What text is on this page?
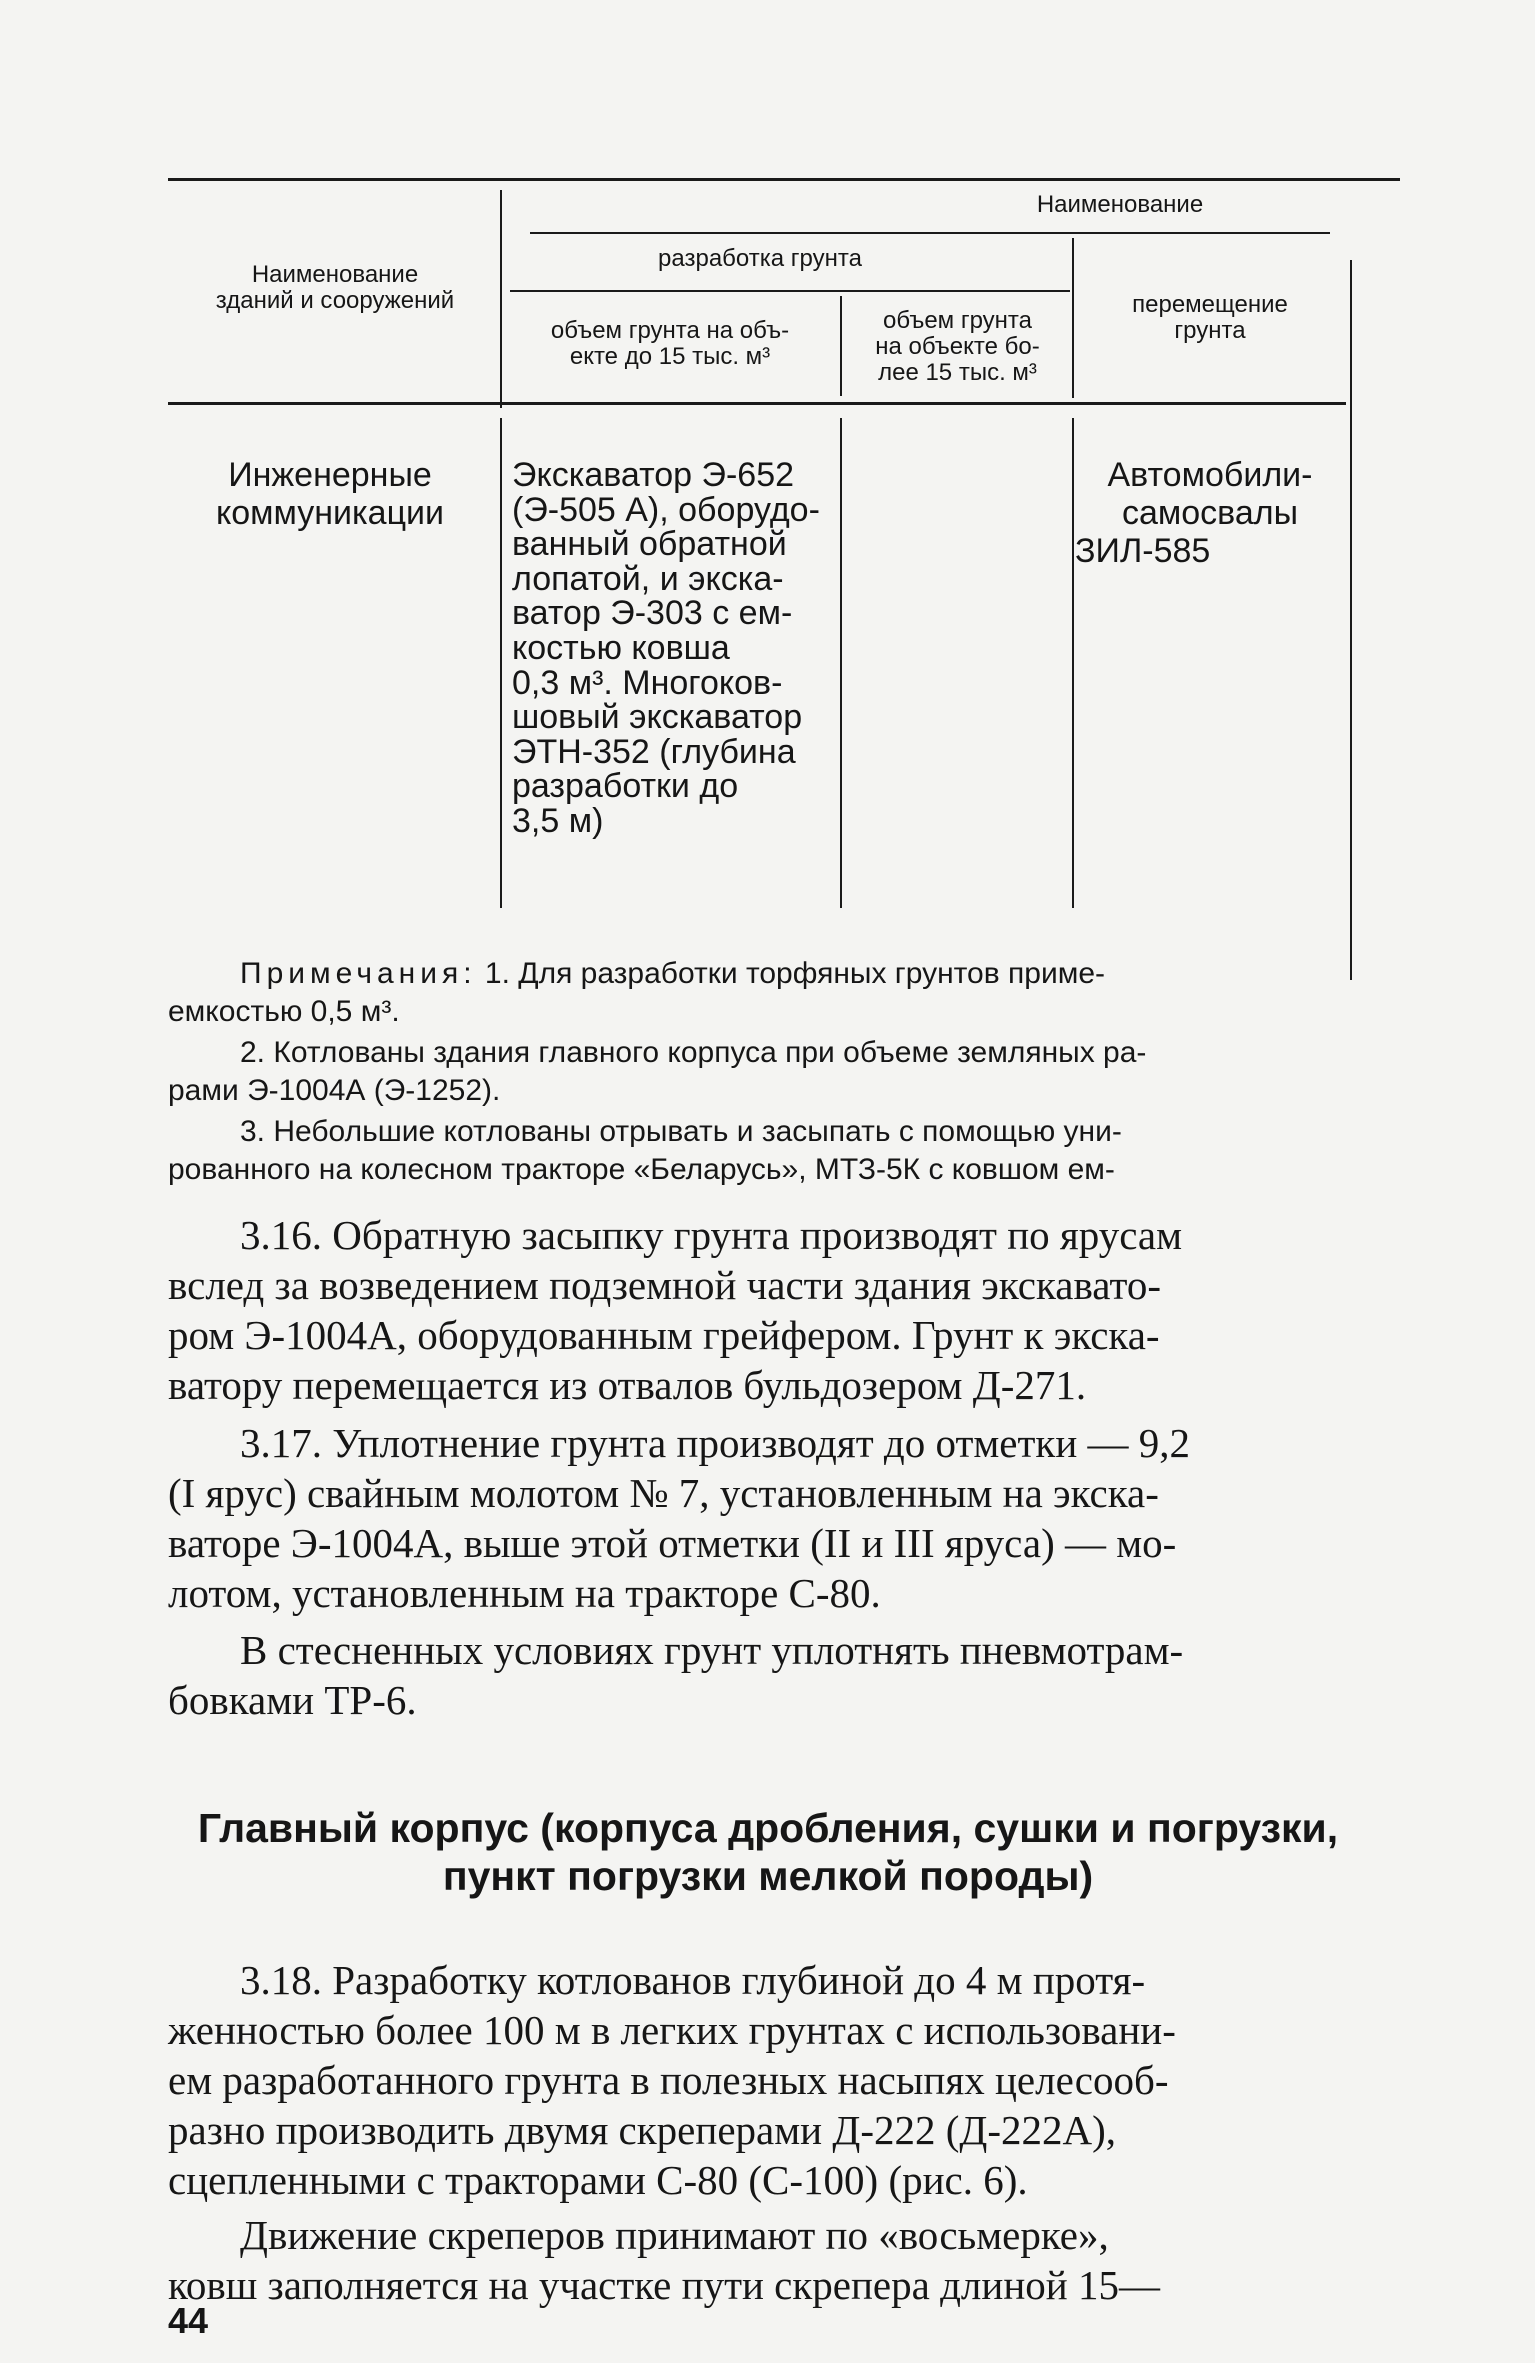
Наименование
Наименование
зданий и сооружений
разработка грунта
объем грунта на объ-
екте до 15 тыс. м³
объем грунта
на объекте бо-
лее 15 тыс. м³
перемещение
грунта
Инженерные
коммуникации
Экскаватор Э-652
(Э-505 А), оборудо-
ванный обратной
лопатой, и экска-
ватор Э-303 с ем-
костью ковша
0,3 м³. Многоков-
шовый экскаватор
ЭТН-352 (глубина
разработки до
3,5 м)
Автомобили-
самосвалы
ЗИЛ-585
Примечания: 1. Для разработки торфяных грунтов приме-
емкостью 0,5 м³.
2. Котлованы здания главного корпуса при объеме земляных ра-
рами Э-1004А (Э-1252).
3. Небольшие котлованы отрывать и засыпать с помощью уни-
рованного на колесном тракторе «Беларусь», МТЗ-5К с ковшом ем-
3.16. Обратную засыпку грунта производят по ярусам
вслед за возведением подземной части здания экскавато-
ром Э-1004А, оборудованным грейфером. Грунт к экска-
ватору перемещается из отвалов бульдозером Д-271.
3.17. Уплотнение грунта производят до отметки — 9,2
(I ярус) свайным молотом № 7, установленным на экска-
ваторе Э-1004А, выше этой отметки (II и III яруса) — мо-
лотом, установленным на тракторе С-80.
В стесненных условиях грунт уплотнять пневмотрам-
бовками ТР-6.
Главный корпус (корпуса дробления, сушки и погрузки,
пункт погрузки мелкой породы)
3.18. Разработку котлованов глубиной до 4 м протя-
женностью более 100 м в легких грунтах с использовани-
ем разработанного грунта в полезных насыпях целесооб-
разно производить двумя скреперами Д-222 (Д-222А),
сцепленными с тракторами С-80 (С-100) (рис. 6).
Движение скреперов принимают по «восьмерке»,
ковш заполняется на участке пути скрепера длиной 15—
44
